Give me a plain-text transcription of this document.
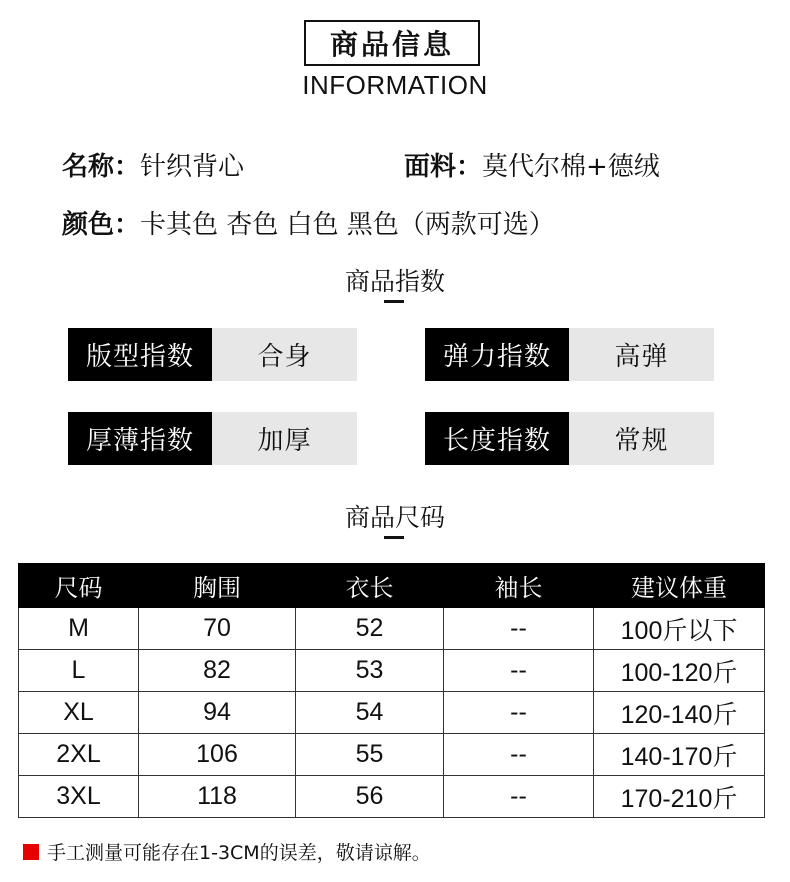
商品信息
INFORMATION
名称：针织背心	面料：莫代尔棉+德绒
颜色：卡其色 杏色 白色 黑色（两款可选）
商品指数
版型指数	合身	弹力指数	高弹
厚薄指数	加厚	长度指数	常规
商品尺码
尺码	胸围	衣长	袖长	建议体重
M	70	52	--	100斤以下
L	82	53	--	100-120斤
XL	94	54	--	120-140斤
2XL	106	55	--	140-170斤
3XL	118	56	--	170-210斤
手工测量可能存在1-3CM的误差，敬请谅解。
